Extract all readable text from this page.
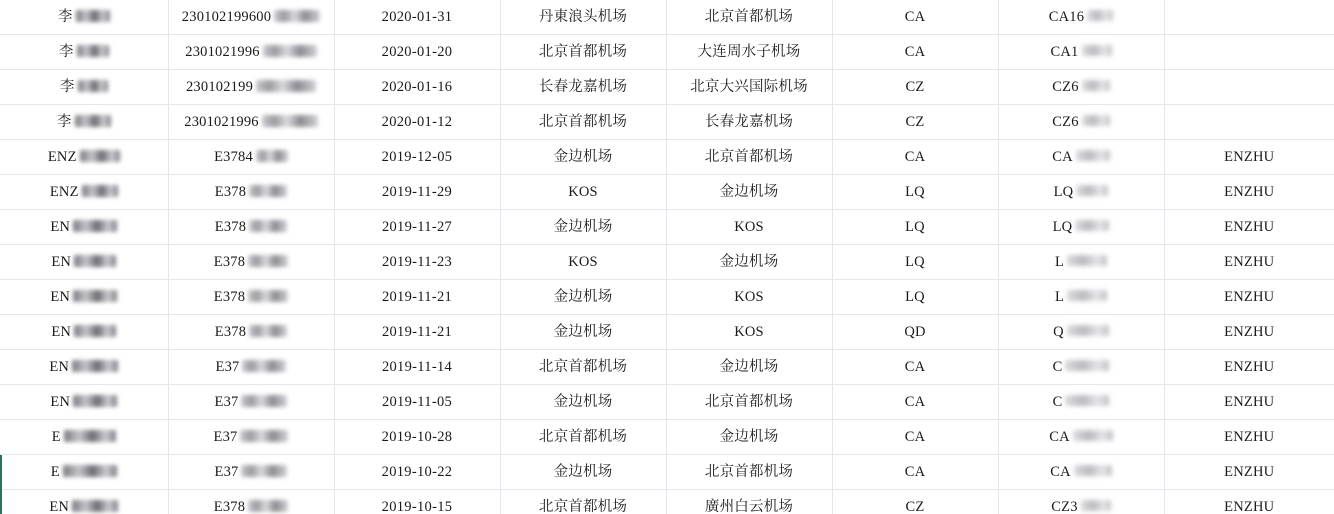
李	230102199600	2020-01-31	丹東浪头机场	北京首都机场	CA	CA16	

李	2301021996	2020-01-20	北京首都机场	大连周水子机场	CA	CA1	

李	230102199	2020-01-16	长春龙嘉机场	北京大兴国际机场	CZ	CZ6	

李	2301021996	2020-01-12	北京首都机场	长春龙嘉机场	CZ	CZ6	

ENZ	E3784	2019-12-05	金边机场	北京首都机场	CA	CA	ENZHU

ENZ	E378	2019-11-29	KOS	金边机场	LQ	LQ	ENZHU

EN	E378	2019-11-27	金边机场	KOS	LQ	LQ	ENZHU

EN	E378	2019-11-23	KOS	金边机场	LQ	L	ENZHU

EN	E378	2019-11-21	金边机场	KOS	LQ	L	ENZHU

EN	E378	2019-11-21	金边机场	KOS	QD	Q	ENZHU

EN	E37	2019-11-14	北京首都机场	金边机场	CA	C	ENZHU

EN	E37	2019-11-05	金边机场	北京首都机场	CA	C	ENZHU

E	E37	2019-10-28	北京首都机场	金边机场	CA	CA	ENZHU

E	E37	2019-10-22	金边机场	北京首都机场	CA	CA	ENZHU

EN	E378	2019-10-15	北京首都机场	廣州白云机场	CZ	CZ3	ENZHU
